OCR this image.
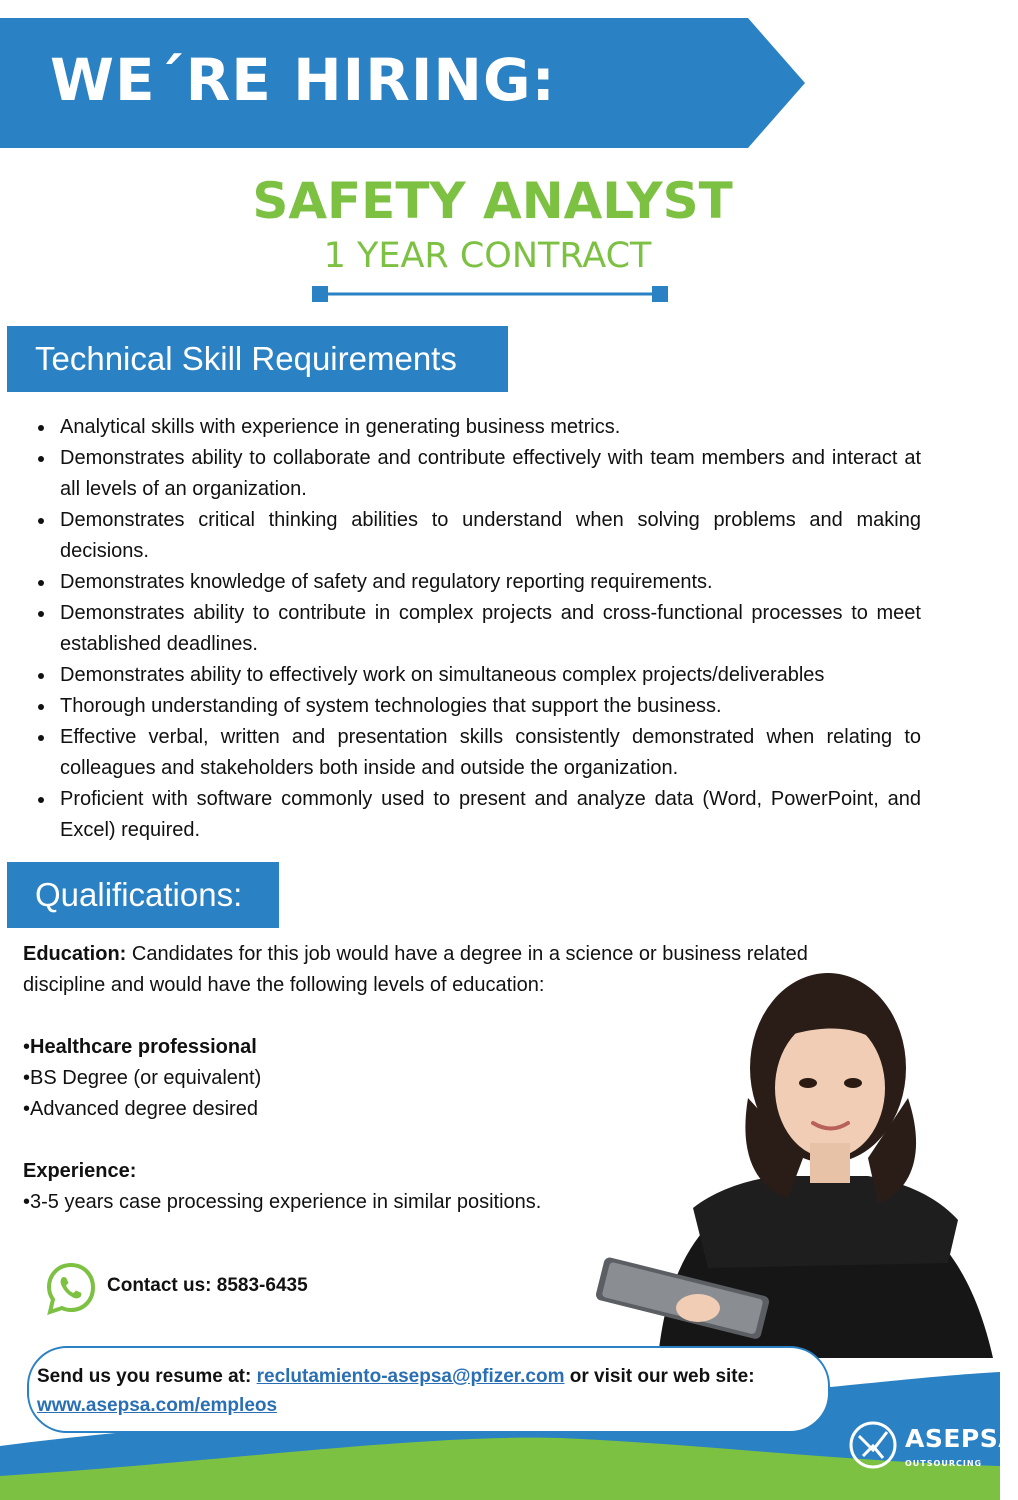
WE´RE HIRING:
SAFETY ANALYST
1 YEAR CONTRACT
Technical Skill Requirements
Analytical skills with experience in generating business metrics.
Demonstrates ability to collaborate and contribute effectively with team members and interact at all levels of an organization.
Demonstrates critical thinking abilities to understand when solving problems and making decisions.
Demonstrates knowledge of safety and regulatory reporting requirements.
Demonstrates ability to contribute in complex projects and cross-functional processes to meet established deadlines.
Demonstrates ability to effectively work on simultaneous complex projects/deliverables
Thorough understanding of system technologies that support the business.
Effective verbal, written and presentation skills consistently demonstrated when relating to colleagues and stakeholders both inside and outside the organization.
Proficient with software commonly used to present and analyze data (Word, PowerPoint, and Excel) required.
Qualifications:
Education: Candidates for this job would have a degree in a science or business related discipline and would have the following levels of education:
•Healthcare professional
•BS Degree (or equivalent)
•Advanced degree desired
Experience:
•3-5 years case processing experience in similar positions.
Contact us: 8583-6435
Send us you resume at: reclutamiento-asepsa@pfizer.com or visit our web site:
www.asepsa.com/empleos
ASEPSA
OUTSOURCING
